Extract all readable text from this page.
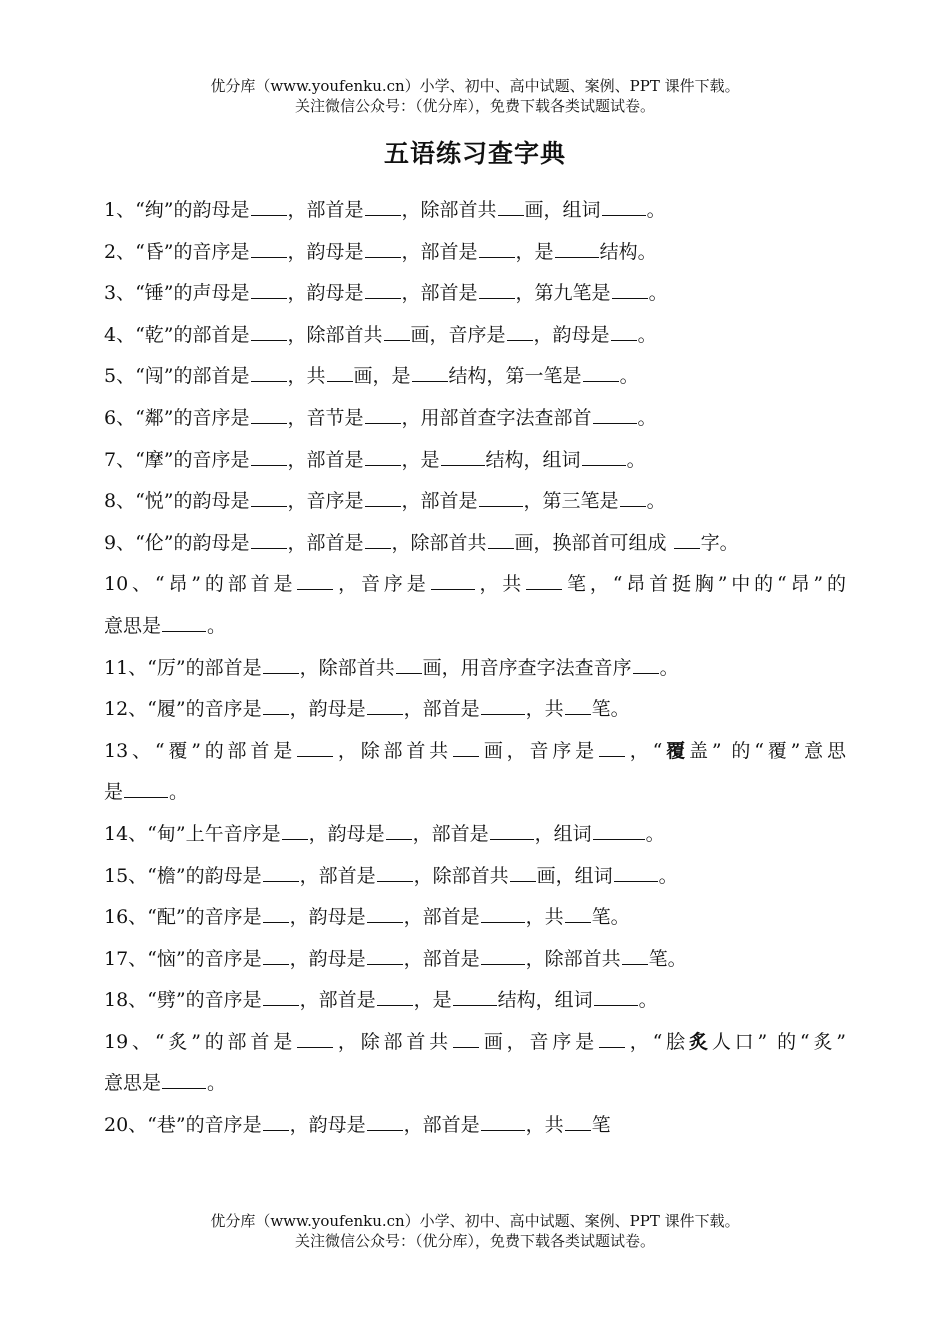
优分库（www.youfenku.cn）小学、初中、高中试题、案例、PPT 课件下载。
关注微信公众号：（优分库），免费下载各类试题试卷。
五语练习查字典

1、“绚”的韵母是 ，部首是 ，除部首共 画，组词 。

2、“昏”的音序是 ，韵母是 ，部首是 ，是 结构。

3、“锤”的声母是 ，韵母是 ，部首是 ，第九笔是 。

4、“乾”的部首是 ，除部首共 画，音序是 ，韵母是 。

5、“闯”的部首是 ，共 画，是 结构，第一笔是 。

6、“鄰”的音序是 ，音节是 ，用部首查字法查部首 。

7、“摩”的音序是 ，部首是 ，是 结构，组词 。

8、“悦”的韵母是 ，音序是 ，部首是 ，第三笔是 。

9、“伦”的韵母是 ，部首是 ，除部首共 画，换部首可组成 字。

10、“昂”的部首是 ，音序是 ，共 笔，“昂首挺胸”中的“昂”的

意思是 。

11、“厉”的部首是 ，除部首共 画，用音序查字法查音序 。

12、“履”的音序是 ，韵母是 ，部首是 ，共 笔。

13、“覆”的部首是 ，除部首共 画，音序是 ，“覆盖” 的“覆”意思

是 。

14、“甸”上午音序是 ，韵母是 ，部首是 ，组词	。

15、“檐”的韵母是 ，部首是 ，除部首共 画，组词 。

16、“配”的音序是 ，韵母是 ，部首是 ，共 笔。

17、“恼”的音序是 ，韵母是 ，部首是 ，除部首共 笔。

18、“劈”的音序是 ，部首是 ，是 结构，组词 。

19、“炙”的部首是 ，除部首共 画，音序是 ，“脍炙人口” 的“炙”

意思是 。

20、“巷”的音序是 ，韵母是 ，部首是 ，共 笔

优分库（www.youfenku.cn）小学、初中、高中试题、案例、PPT 课件下载。
关注微信公众号：（优分库），免费下载各类试题试卷。
